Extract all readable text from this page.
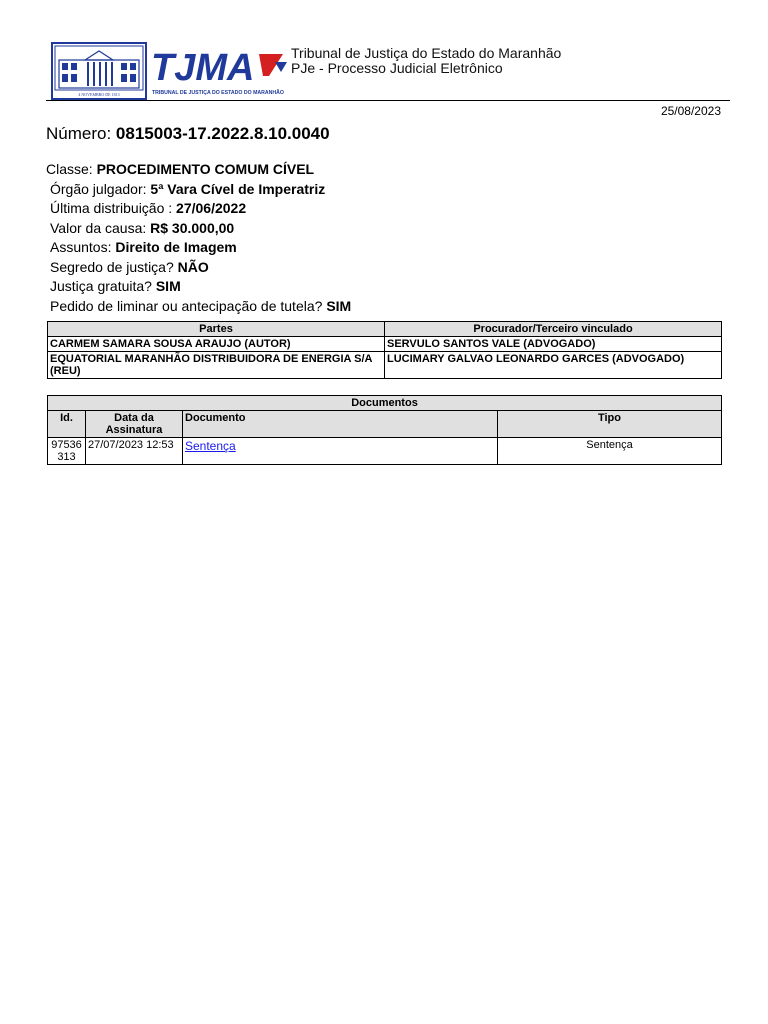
4 NOVEMBRO DE 1813
TJMA
TRIBUNAL DE JUSTIÇA DO ESTADO DO MARANHÃO
Tribunal de Justiça do Estado do Maranhão
PJe - Processo Judicial Eletrônico
25/08/2023
Número: 0815003-17.2022.8.10.0040
Classe: PROCEDIMENTO COMUM CÍVEL
Órgão julgador: 5ª Vara Cível de Imperatriz
Última distribuição : 27/06/2022
Valor da causa: R$ 30.000,00
Assuntos: Direito de Imagem
Segredo de justiça? NÃO
Justiça gratuita? SIM
Pedido de liminar ou antecipação de tutela? SIM
Partes	Procurador/Terceiro vinculado
CARMEM SAMARA SOUSA ARAUJO (AUTOR)	SERVULO SANTOS VALE (ADVOGADO)
EQUATORIAL MARANHÃO DISTRIBUIDORA DE ENERGIA S/A (REU)	LUCIMARY GALVAO LEONARDO GARCES (ADVOGADO)
Documentos			
Id.	Data da Assinatura	Documento	Tipo
97536313	27/07/2023 12:53	Sentença	Sentença
